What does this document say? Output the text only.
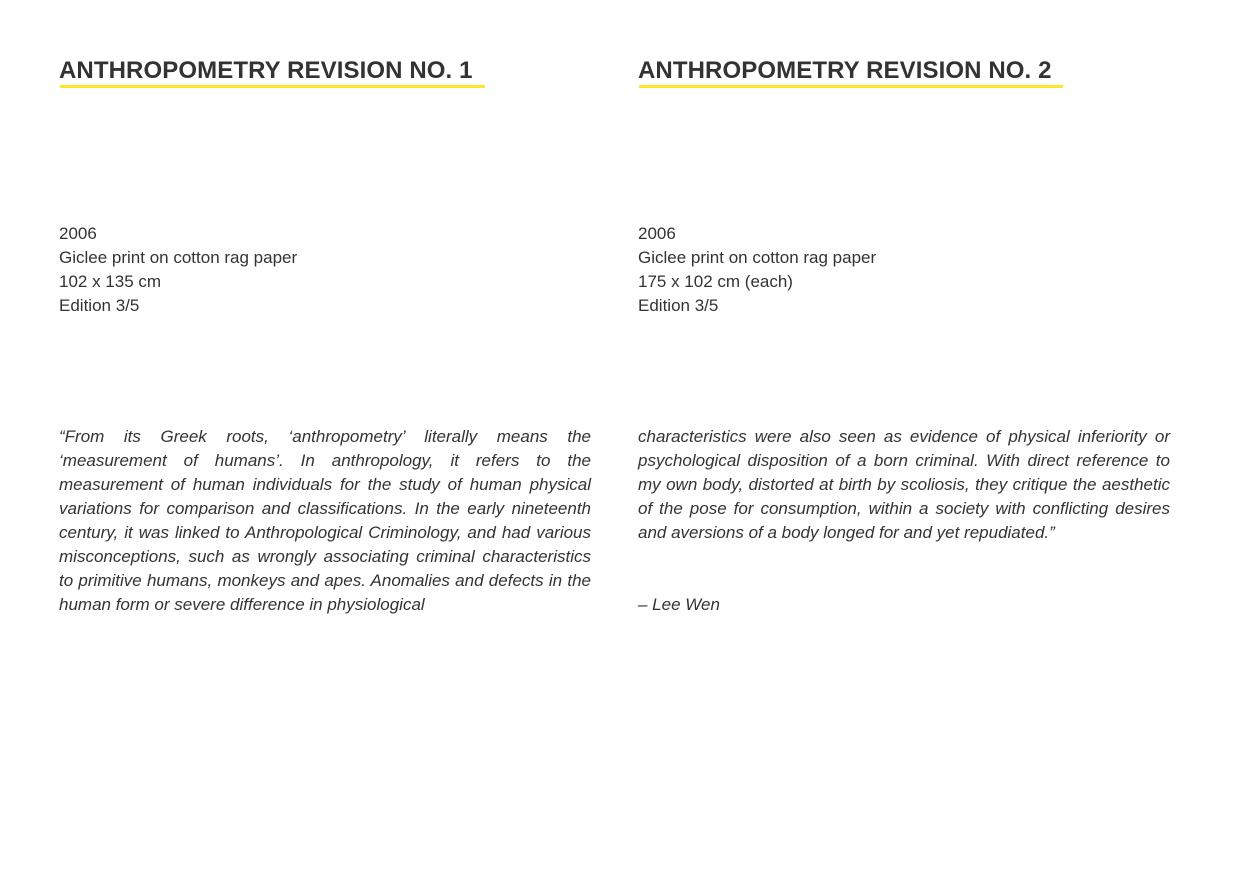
ANTHROPOMETRY REVISION NO. 1
2006
Giclee print on cotton rag paper
102 x 135 cm
Edition 3/5

“From its Greek roots, ‘anthropometry’ literally means the ‘measurement of humans’. In anthropology, it refers to the measurement of human individuals for the study of human physical variations for comparison and classifications. In the early nineteenth century, it was linked to Anthropological Criminology, and had various misconceptions, such as wrongly associating criminal characteristics to primitive humans, monkeys and apes. Anomalies and defects in the human form or severe difference in physiological

ANTHROPOMETRY REVISION NO. 2
2006
Giclee print on cotton rag paper
175 x 102 cm (each)
Edition 3/5

characteristics were also seen as evidence of physical inferiority or psychological disposition of a born criminal. With direct reference to my own body, distorted at birth by scoliosis, they critique the aesthetic of the pose for consumption, within a society with conflicting desires and aversions of a body longed for and yet repudiated.”

– Lee Wen
